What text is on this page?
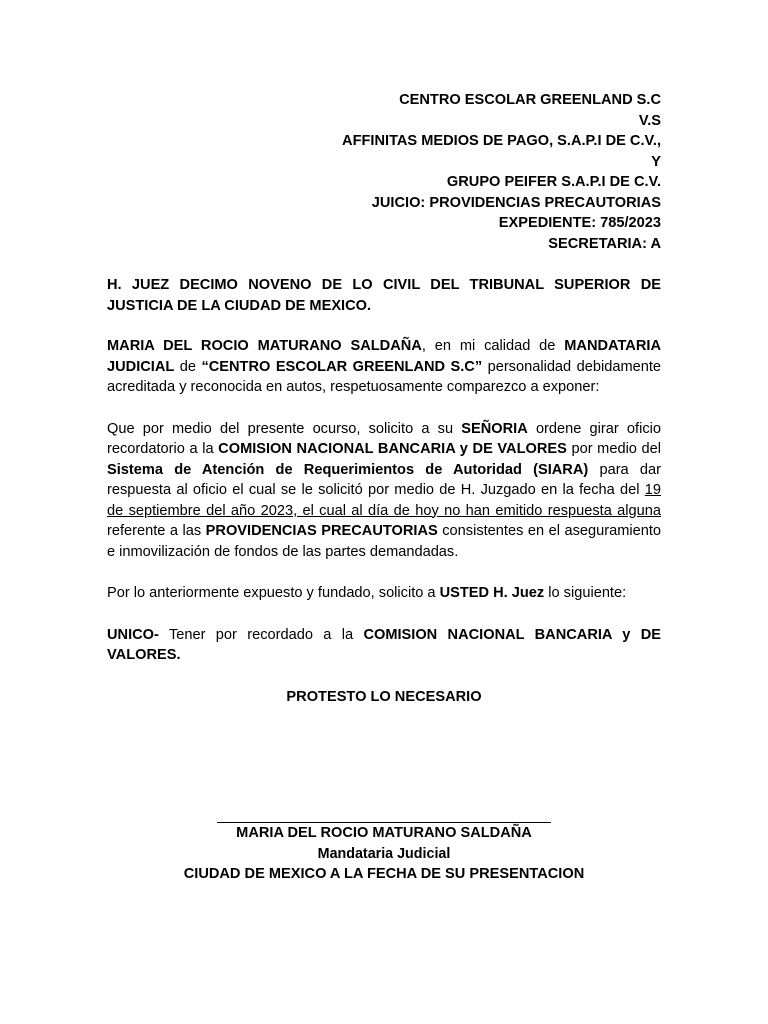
CENTRO ESCOLAR GREENLAND S.C
V.S
AFFINITAS MEDIOS DE PAGO, S.A.P.I DE C.V.,
Y
GRUPO PEIFER S.A.P.I DE C.V.
JUICIO: PROVIDENCIAS PRECAUTORIAS
EXPEDIENTE: 785/2023
SECRETARIA: A

H. JUEZ DECIMO NOVENO DE LO CIVIL DEL TRIBUNAL SUPERIOR DE JUSTICIA DE LA CIUDAD DE MEXICO.

MARIA DEL ROCIO MATURANO SALDAÑA, en mi calidad de MANDATARIA JUDICIAL de “CENTRO ESCOLAR GREENLAND S.C” personalidad debidamente acreditada y reconocida en autos, respetuosamente comparezco a exponer:

Que por medio del presente ocurso, solicito a su SEÑORIA ordene girar oficio recordatorio a la COMISION NACIONAL BANCARIA y DE VALORES por medio del Sistema de Atención de Requerimientos de Autoridad (SIARA) para dar respuesta al oficio el cual se le solicitó por medio de H. Juzgado en la fecha del 19 de septiembre del año 2023, el cual al día de hoy no han emitido respuesta alguna referente a las PROVIDENCIAS PRECAUTORIAS consistentes en el aseguramiento e inmovilización de fondos de las partes demandadas.

Por lo anteriormente expuesto y fundado, solicito a USTED H. Juez lo siguiente:

UNICO- Tener por recordado a la COMISION NACIONAL BANCARIA y DE VALORES.

PROTESTO LO NECESARIO

MARIA DEL ROCIO MATURANO SALDAÑA
Mandataria Judicial
CIUDAD DE MEXICO A LA FECHA DE SU PRESENTACION
